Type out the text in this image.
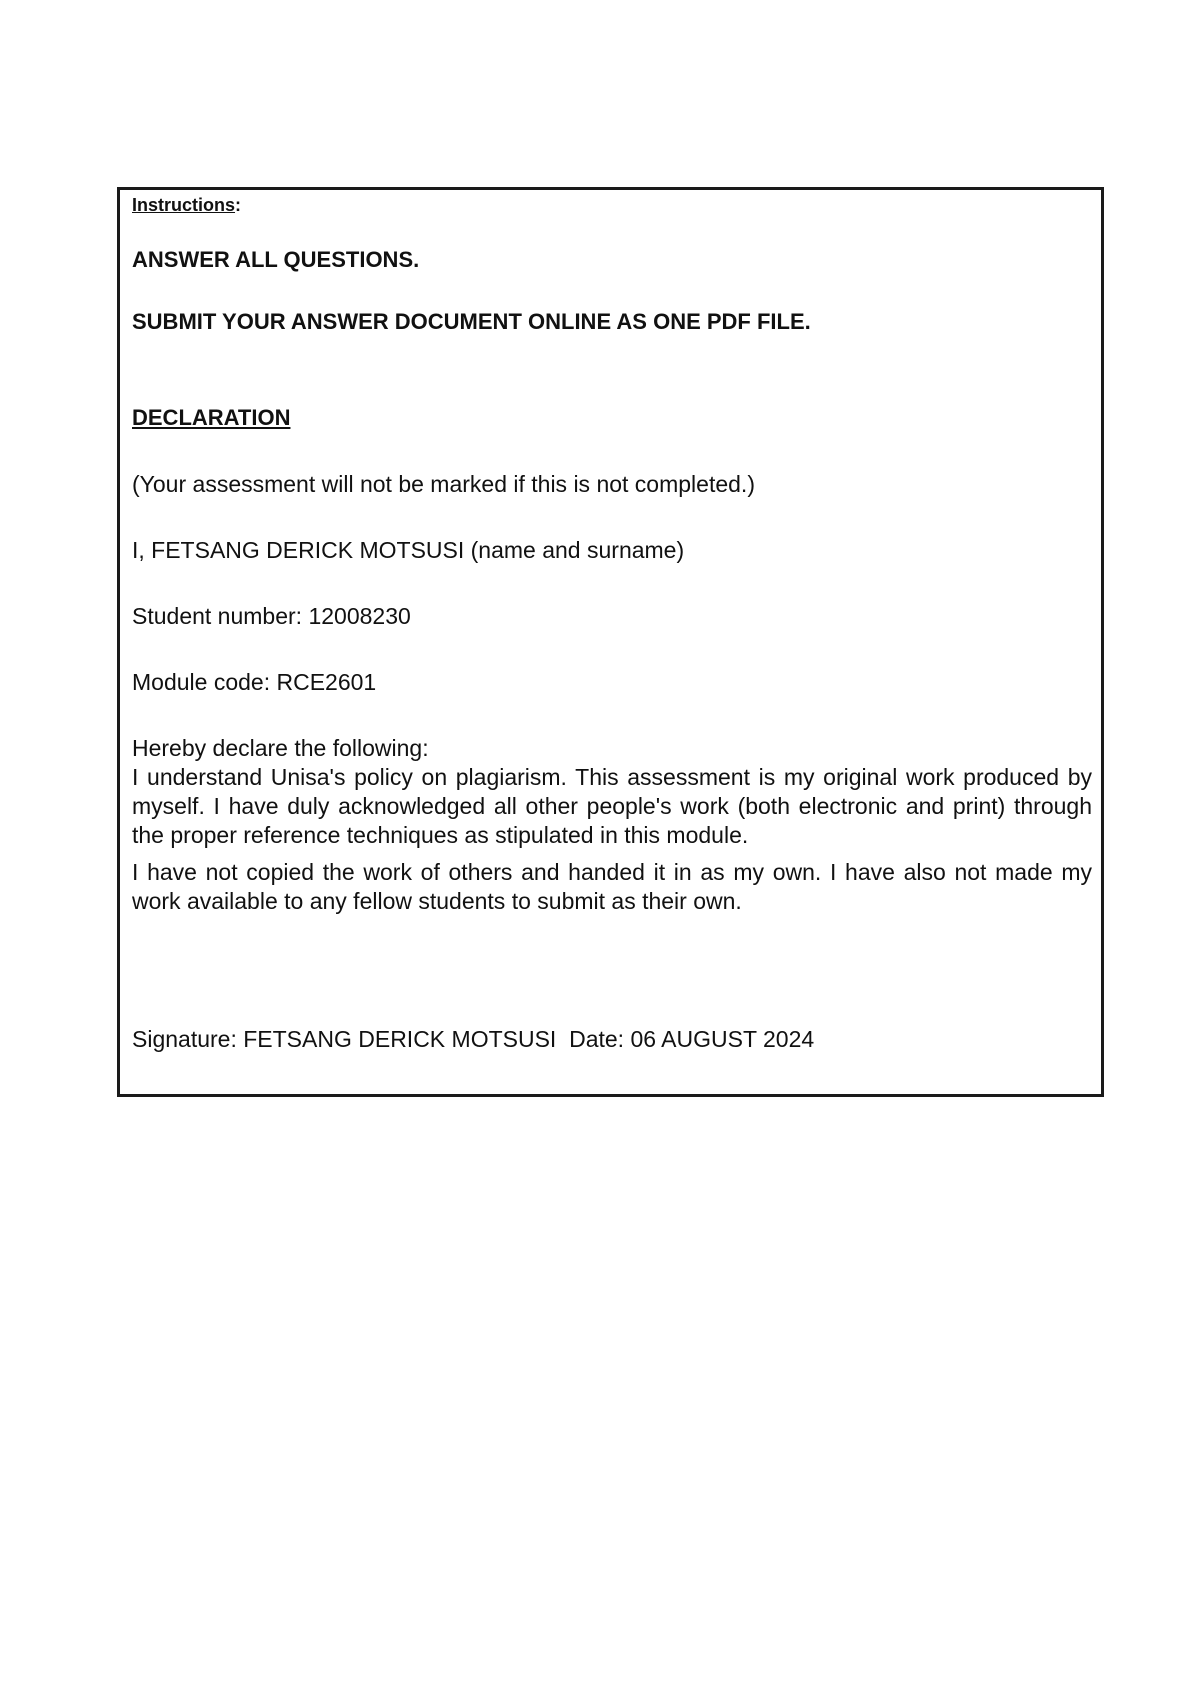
Instructions:

ANSWER ALL QUESTIONS.

SUBMIT YOUR ANSWER DOCUMENT ONLINE AS ONE PDF FILE.

DECLARATION

(Your assessment will not be marked if this is not completed.)

I, FETSANG DERICK MOTSUSI (name and surname)

Student number: 12008230

Module code: RCE2601

Hereby declare the following:

I understand Unisa's policy on plagiarism. This assessment is my original work produced by myself. I have duly acknowledged all other people's work (both electronic and print) through the proper reference techniques as stipulated in this module.

I have not copied the work of others and handed it in as my own. I have also not made my work available to any fellow students to submit as their own.

Signature: FETSANG DERICK MOTSUSI  Date: 06 AUGUST 2024
